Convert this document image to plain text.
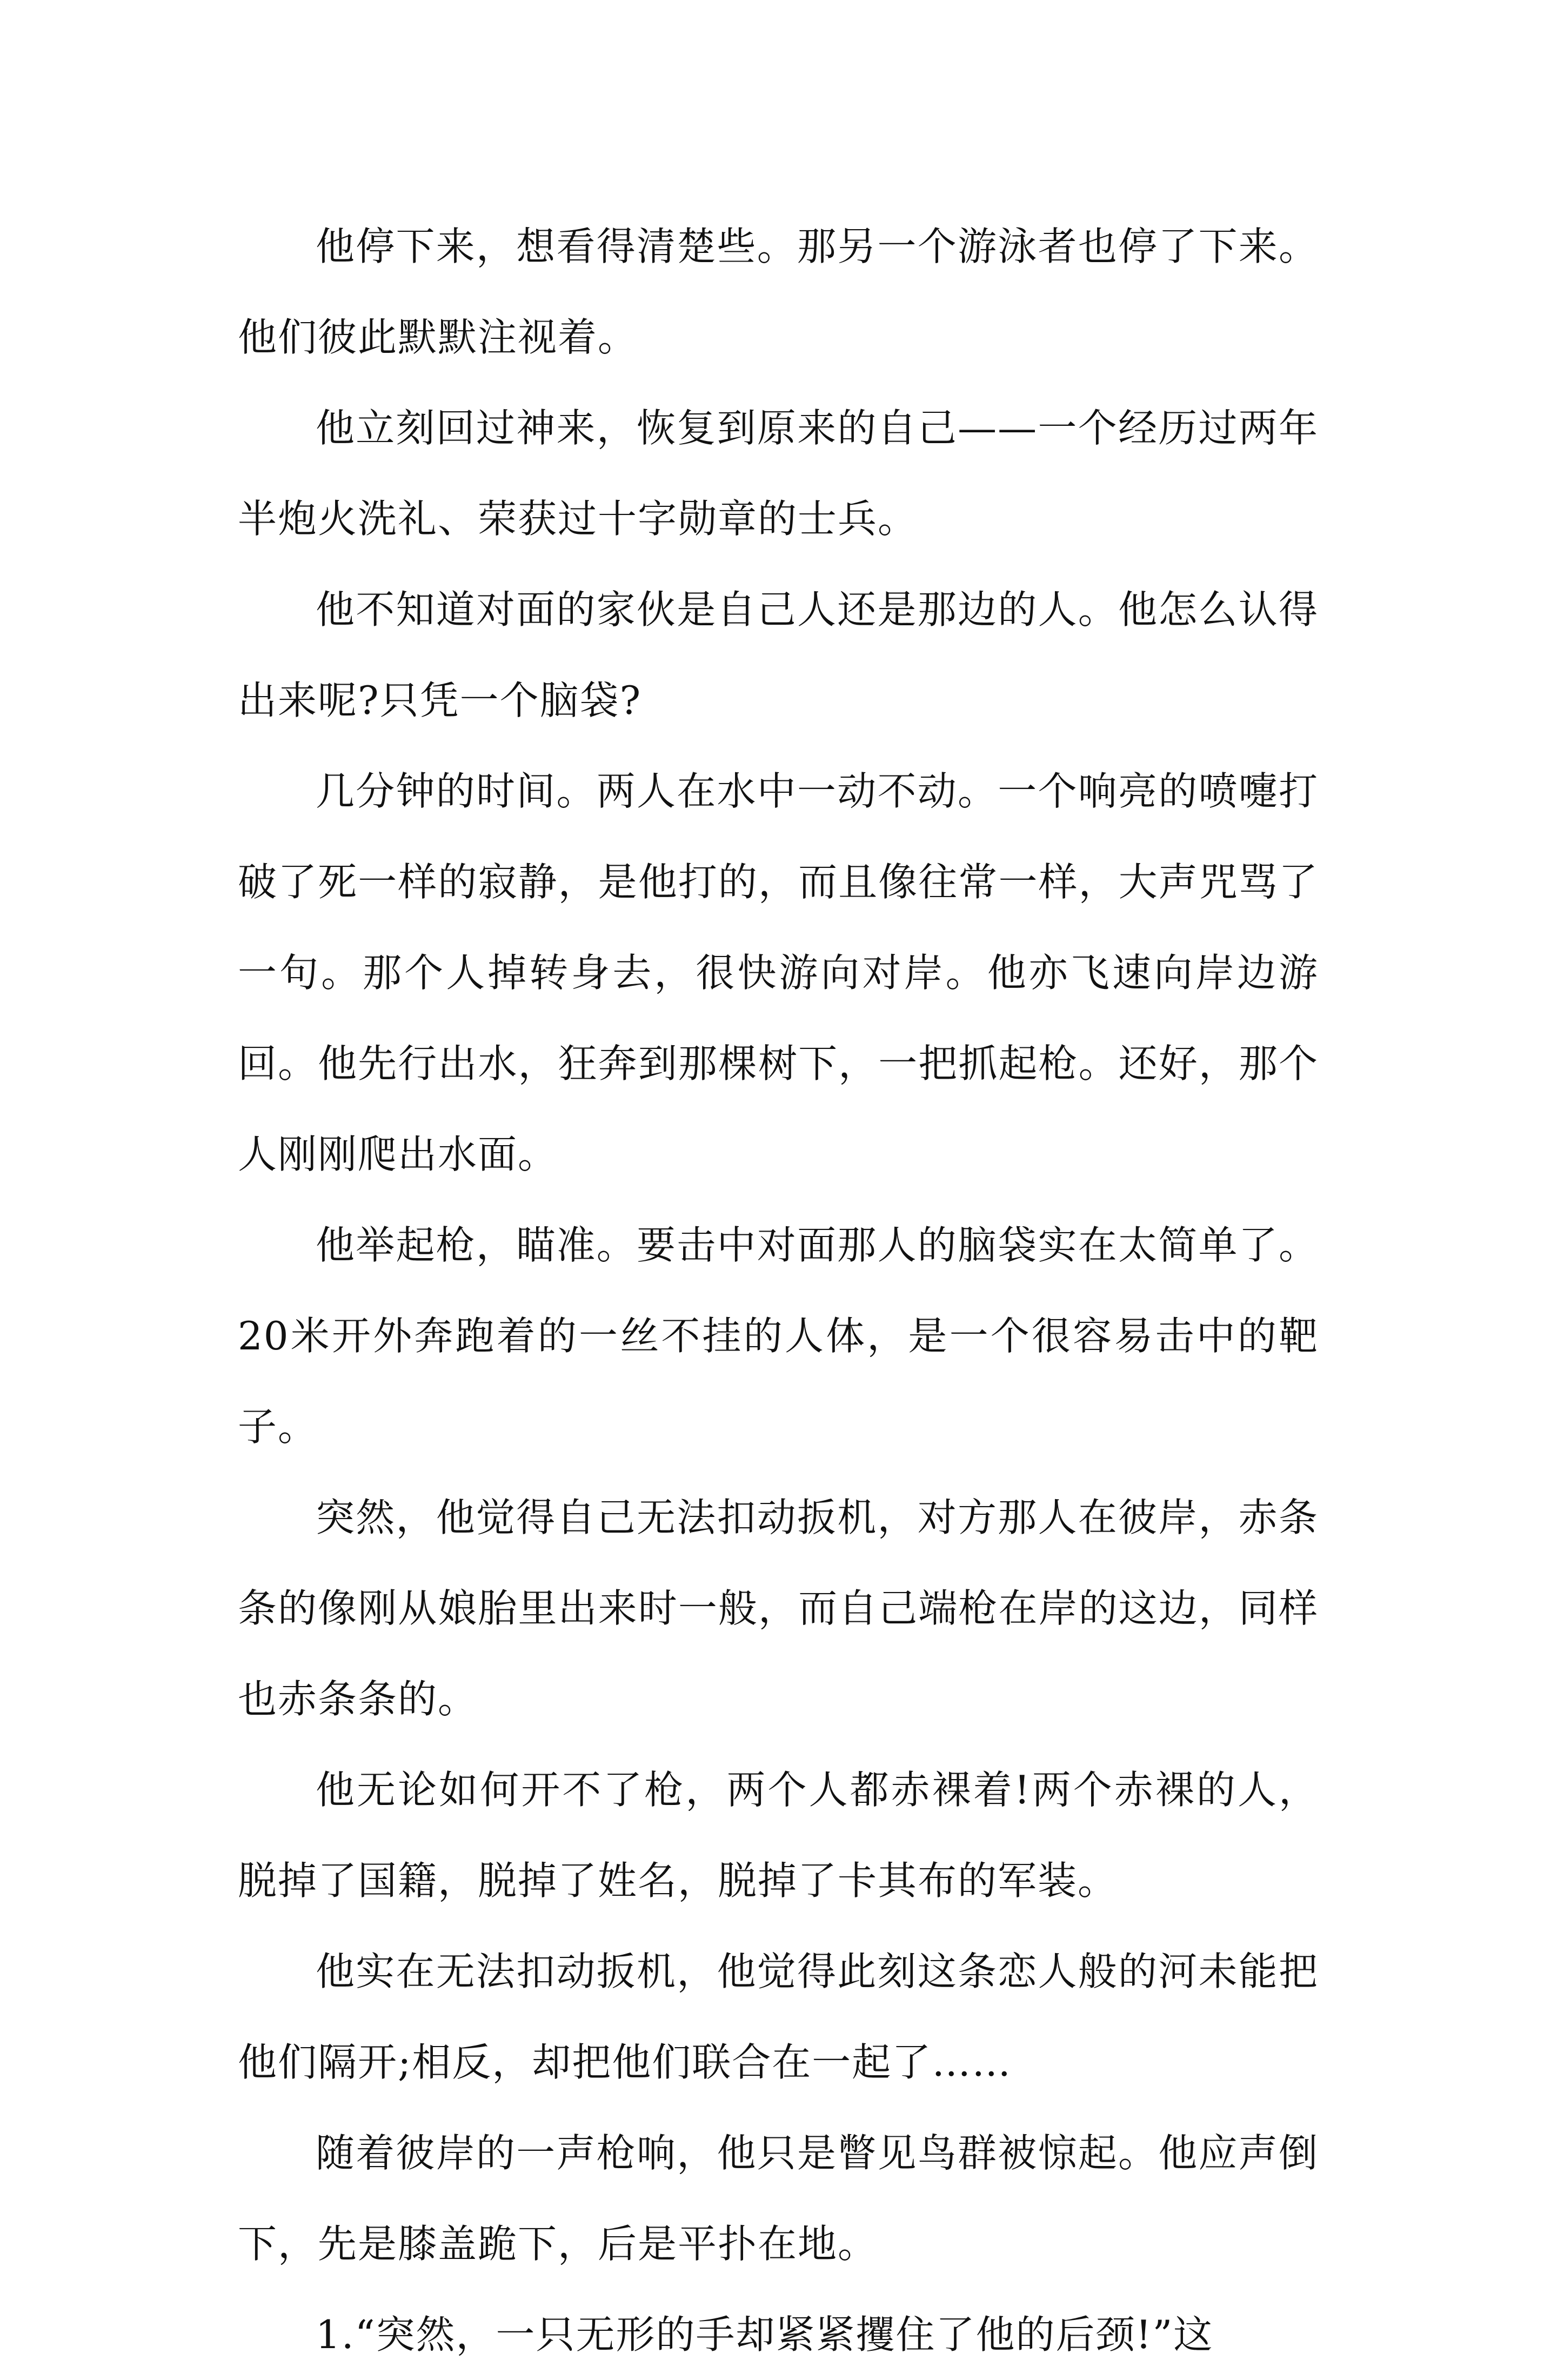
他停下来，想看得清楚些。那另一个游泳者也停了下来。他们彼此默默注视着。

他立刻回过神来，恢复到原来的自己——一个经历过两年半炮火洗礼、荣获过十字勋章的士兵。

他不知道对面的家伙是自己人还是那边的人。他怎么认得出来呢?只凭一个脑袋?

几分钟的时间。两人在水中一动不动。一个响亮的喷嚏打破了死一样的寂静，是他打的，而且像往常一样，大声咒骂了一句。那个人掉转身去，很快游向对岸。他亦飞速向岸边游回。他先行出水，狂奔到那棵树下，一把抓起枪。还好，那个人刚刚爬出水面。

他举起枪，瞄准。要击中对面那人的脑袋实在太简单了。20米开外奔跑着的一丝不挂的人体，是一个很容易击中的靶子。

突然，他觉得自己无法扣动扳机，对方那人在彼岸，赤条条的像刚从娘胎里出来时一般，而自己端枪在岸的这边，同样也赤条条的。

他无论如何开不了枪，两个人都赤裸着!两个赤裸的人，脱掉了国籍，脱掉了姓名，脱掉了卡其布的军装。

他实在无法扣动扳机，他觉得此刻这条恋人般的河未能把他们隔开;相反，却把他们联合在一起了……

随着彼岸的一声枪响，他只是瞥见鸟群被惊起。他应声倒下，先是膝盖跪下，后是平扑在地。

1.“突然，一只无形的手却紧紧攫住了他的后颈!”这
